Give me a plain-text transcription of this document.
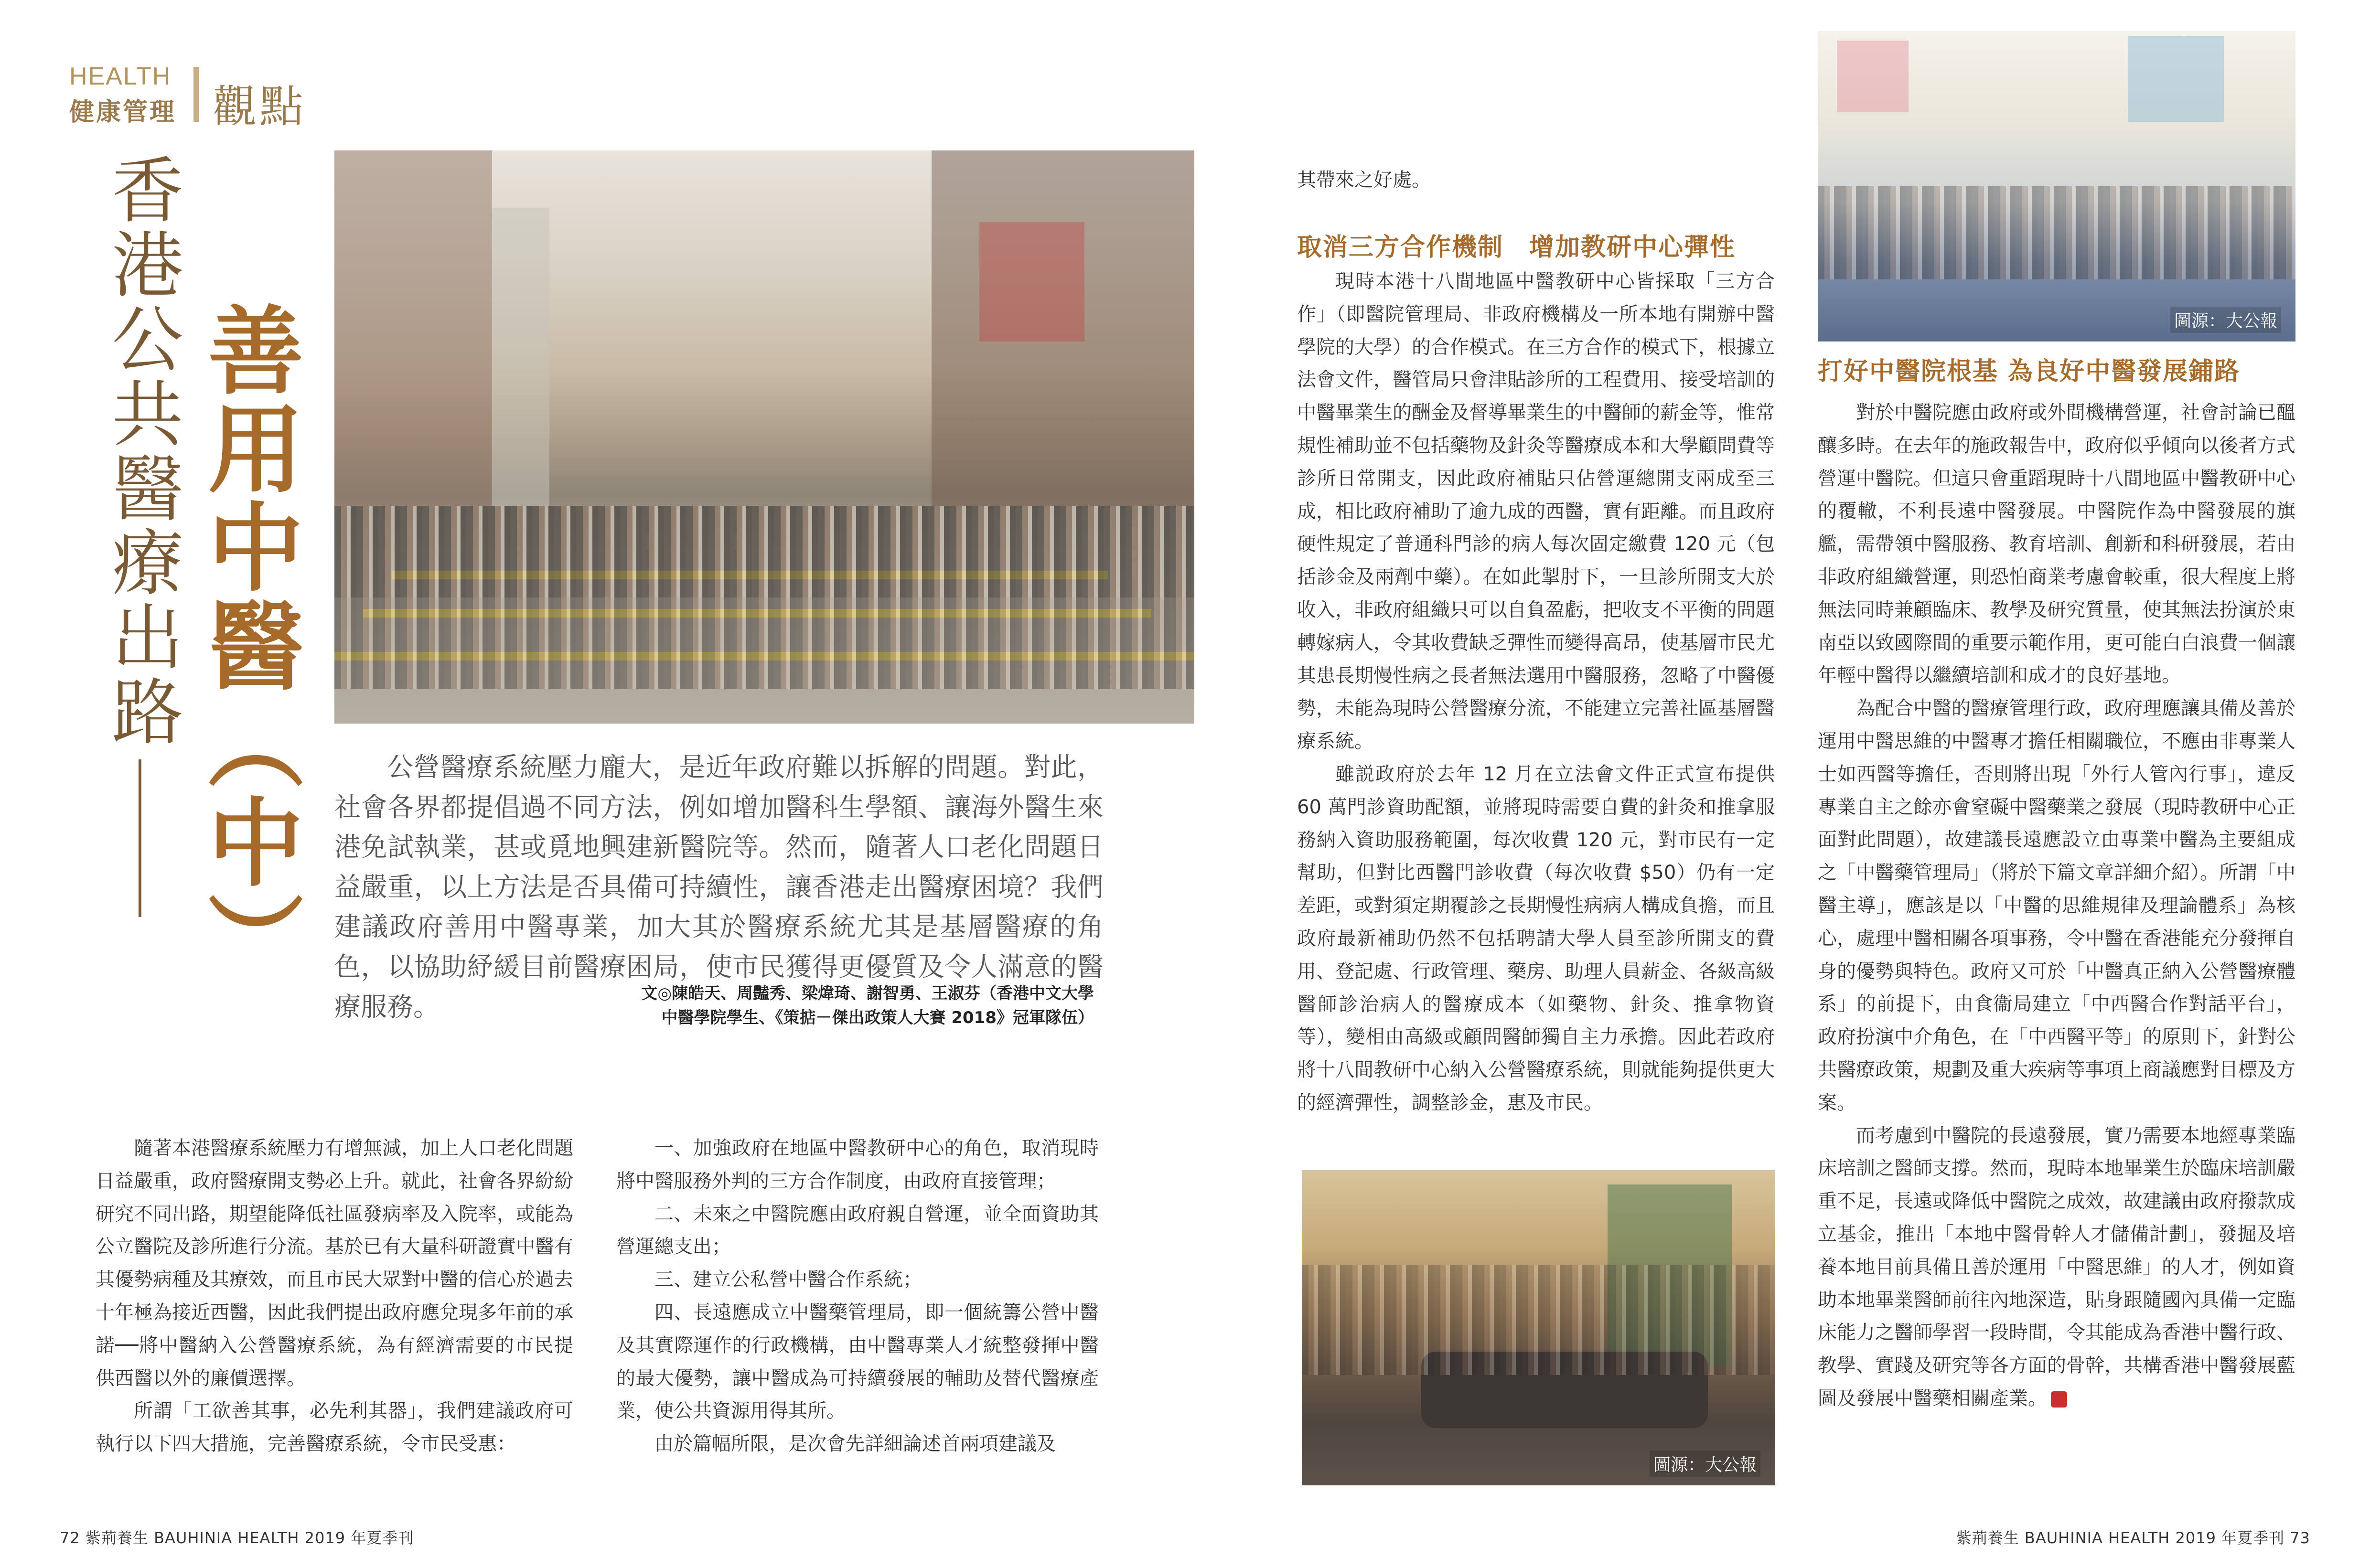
HEALTH
健康管理 觀點
香港公共醫療出路 善用中醫（中）	圖源：大公報
圖源：大公報
公營醫療系統壓力龐大，是近年政府難以拆解的問題。對此，社會各界都提倡過不同方法，例如增加醫科生學額、讓海外醫生來港免試執業，甚或覓地興建新醫院等。然而，隨著人口老化問題日益嚴重，以上方法是否具備可持續性，讓香港走出醫療困境？我們建議政府善用中醫專業，加大其於醫療系統尤其是基層醫療的角色，以協助紓緩目前醫療困局，使市民獲得更優質及令人滿意的醫療服務。	文◎陳皓天、周豔秀、梁煒琦、謝智勇、王淑芬（香港中文大學中醫學院學生、《策掂－傑出政策人大賽 2018》冠軍隊伍）

隨著本港醫療系統壓力有增無減，加上人口老化問題日益嚴重，政府醫療開支勢必上升。就此，社會各界紛紛研究不同出路，期望能降低社區發病率及入院率，或能為公立醫院及診所進行分流。基於已有大量科研證實中醫有其優勢病種及其療效，而且市民大眾對中醫的信心於過去十年極為接近西醫，因此我們提出政府應兌現多年前的承諾──將中醫納入公營醫療系統，為有經濟需要的市民提供西醫以外的廉價選擇。

所謂「工欲善其事，必先利其器」，我們建議政府可執行以下四大措施，完善醫療系統，令市民受惠：

一、加強政府在地區中醫教研中心的角色，取消現時將中醫服務外判的三方合作制度，由政府直接管理；

二、未來之中醫院應由政府親自營運，並全面資助其營運總支出；

三、建立公私營中醫合作系統；

四、長遠應成立中醫藥管理局，即一個統籌公營中醫及其實際運作的行政機構，由中醫專業人才統整發揮中醫的最大優勢，讓中醫成為可持續發展的輔助及替代醫療產業，使公共資源用得其所。

由於篇幅所限，是次會先詳細論述首兩項建議及

其帶來之好處。
取消三方合作機制　增加教研中心彈性

現時本港十八間地區中醫教研中心皆採取「三方合作」（即醫院管理局、非政府機構及一所本地有開辦中醫學院的大學）的合作模式。在三方合作的模式下，根據立法會文件，醫管局只會津貼診所的工程費用、接受培訓的中醫畢業生的酬金及督導畢業生的中醫師的薪金等，惟常規性補助並不包括藥物及針灸等醫療成本和大學顧問費等診所日常開支，因此政府補貼只佔營運總開支兩成至三成，相比政府補助了逾九成的西醫，實有距離。而且政府硬性規定了普通科門診的病人每次固定繳費 120 元（包括診金及兩劑中藥）。在如此掣肘下，一旦診所開支大於收入，非政府組織只可以自負盈虧，把收支不平衡的問題轉嫁病人，令其收費缺乏彈性而變得高昂，使基層市民尤其患長期慢性病之長者無法選用中醫服務，忽略了中醫優勢，未能為現時公營醫療分流，不能建立完善社區基層醫療系統。

雖説政府於去年 12 月在立法會文件正式宣布提供 60 萬門診資助配額，並將現時需要自費的針灸和推拿服務納入資助服務範圍，每次收費 120 元，對市民有一定幫助，但對比西醫門診收費（每次收費 $50）仍有一定差距，或對須定期覆診之長期慢性病病人構成負擔，而且政府最新補助仍然不包括聘請大學人員至診所開支的費用、登記處、行政管理、藥房、助理人員薪金、各級高級醫師診治病人的醫療成本（如藥物、針灸、推拿物資等），變相由高級或顧問醫師獨自主力承擔。因此若政府將十八間教研中心納入公營醫療系統，則就能夠提供更大的經濟彈性，調整診金，惠及市民。

打好中醫院根基 為良好中醫發展鋪路

對於中醫院應由政府或外間機構營運，社會討論已醞釀多時。在去年的施政報告中，政府似乎傾向以後者方式營運中醫院。但這只會重蹈現時十八間地區中醫教研中心的覆轍，不利長遠中醫發展。中醫院作為中醫發展的旗艦，需帶領中醫服務、教育培訓、創新和科研發展，若由非政府組織營運，則恐怕商業考慮會較重，很大程度上將無法同時兼顧臨床、教學及研究質量，使其無法扮演於東南亞以致國際間的重要示範作用，更可能白白浪費一個讓年輕中醫得以繼續培訓和成才的良好基地。

為配合中醫的醫療管理行政，政府理應讓具備及善於運用中醫思維的中醫專才擔任相關職位，不應由非專業人士如西醫等擔任，否則將出現「外行人管內行事」，違反專業自主之餘亦會窒礙中醫藥業之發展（現時教研中心正面對此問題），故建議長遠應設立由專業中醫為主要組成之「中醫藥管理局」（將於下篇文章詳細介紹）。所謂「中醫主導」，應該是以「中醫的思維規律及理論體系」為核心，處理中醫相關各項事務，令中醫在香港能充分發揮自身的優勢與特色。政府又可於「中醫真正納入公營醫療體系」的前提下，由食衞局建立「中西醫合作對話平台」，政府扮演中介角色，在「中西醫平等」的原則下，針對公共醫療政策，規劃及重大疾病等事項上商議應對目標及方案。

而考慮到中醫院的長遠發展，實乃需要本地經專業臨床培訓之醫師支撐。然而，現時本地畢業生於臨床培訓嚴重不足，長遠或降低中醫院之成效，故建議由政府撥款成立基金，推出「本地中醫骨幹人才儲備計劃」，發掘及培養本地目前具備且善於運用「中醫思維」的人才，例如資助本地畢業醫師前往內地深造，貼身跟隨國內具備一定臨床能力之醫師學習一段時間，令其能成為香港中醫行政、教學、實踐及研究等各方面的骨幹，共構香港中醫發展藍圖及發展中醫藥相關產業。

72 紫荊養生 BAUHINIA HEALTH 2019 年夏季刊	紫荊養生 BAUHINIA HEALTH 2019 年夏季刊 73
